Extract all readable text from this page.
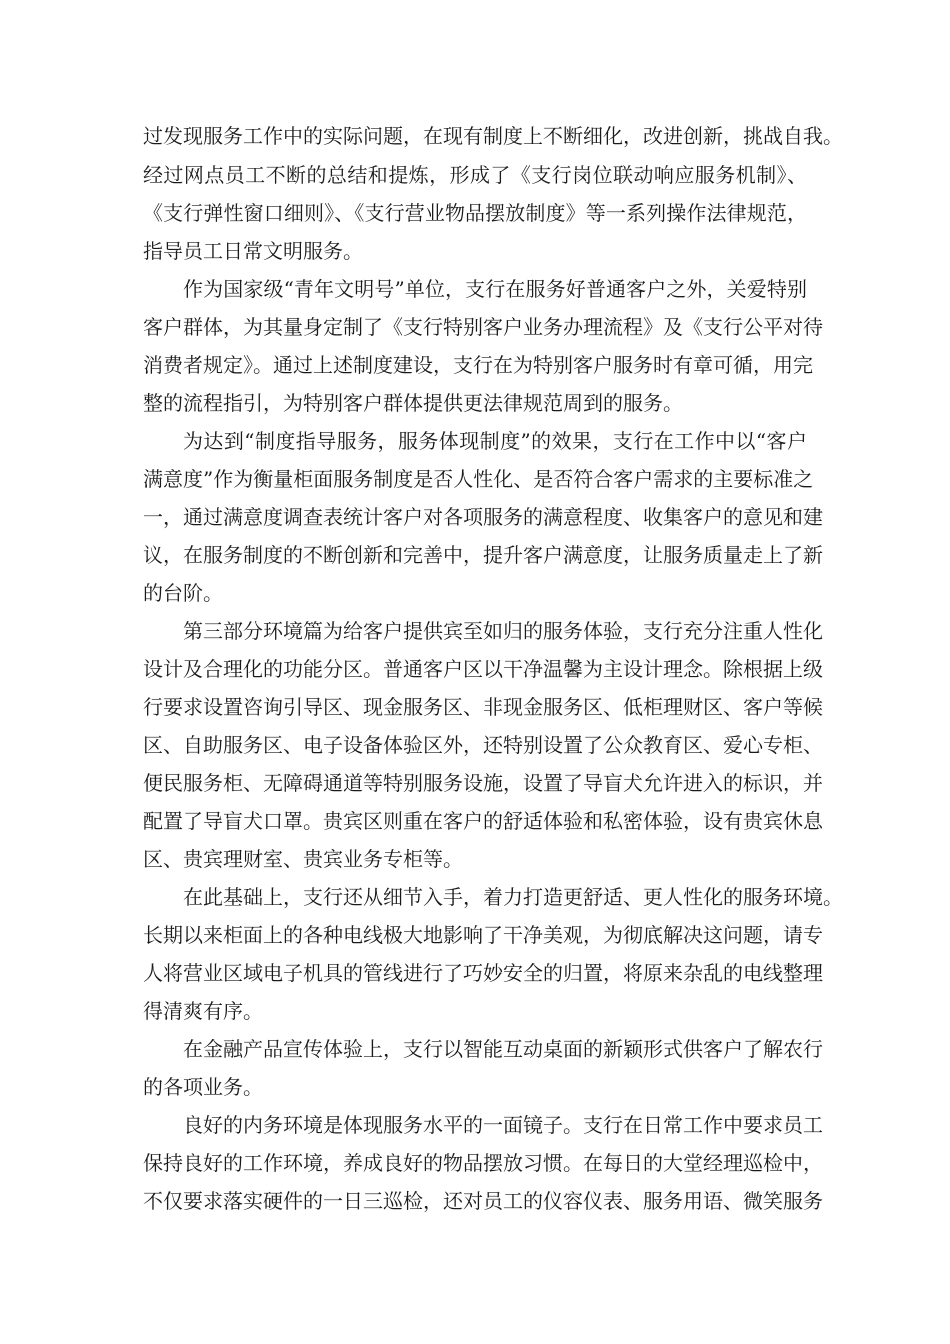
过发现服务工作中的实际问题，在现有制度上不断细化，改进创新，挑战自我。
经过网点员工不断的总结和提炼，形成了《支行岗位联动响应服务机制》、
《支行弹性窗口细则》、《支行营业物品摆放制度》等一系列操作法律规范，
指导员工日常文明服务。
作为国家级“青年文明号”单位，支行在服务好普通客户之外，关爱特别
客户群体，为其量身定制了《支行特别客户业务办理流程》及《支行公平对待
消费者规定》。通过上述制度建设，支行在为特别客户服务时有章可循，用完
整的流程指引，为特别客户群体提供更法律规范周到的服务。
为达到“制度指导服务，服务体现制度”的效果，支行在工作中以“客户
满意度”作为衡量柜面服务制度是否人性化、是否符合客户需求的主要标准之
一，通过满意度调查表统计客户对各项服务的满意程度、收集客户的意见和建
议，在服务制度的不断创新和完善中，提升客户满意度，让服务质量走上了新
的台阶。
第三部分环境篇为给客户提供宾至如归的服务体验，支行充分注重人性化
设计及合理化的功能分区。普通客户区以干净温馨为主设计理念。除根据上级
行要求设置咨询引导区、现金服务区、非现金服务区、低柜理财区、客户等候
区、自助服务区、电子设备体验区外，还特别设置了公众教育区、爱心专柜、
便民服务柜、无障碍通道等特别服务设施，设置了导盲犬允许进入的标识，并
配置了导盲犬口罩。贵宾区则重在客户的舒适体验和私密体验，设有贵宾休息
区、贵宾理财室、贵宾业务专柜等。
在此基础上，支行还从细节入手，着力打造更舒适、更人性化的服务环境。
长期以来柜面上的各种电线极大地影响了干净美观，为彻底解决这问题，请专
人将营业区域电子机具的管线进行了巧妙安全的归置，将原来杂乱的电线整理
得清爽有序。
在金融产品宣传体验上，支行以智能互动桌面的新颖形式供客户了解农行
的各项业务。
良好的内务环境是体现服务水平的一面镜子。支行在日常工作中要求员工
保持良好的工作环境，养成良好的物品摆放习惯。在每日的大堂经理巡检中，
不仅要求落实硬件的一日三巡检，还对员工的仪容仪表、服务用语、微笑服务
